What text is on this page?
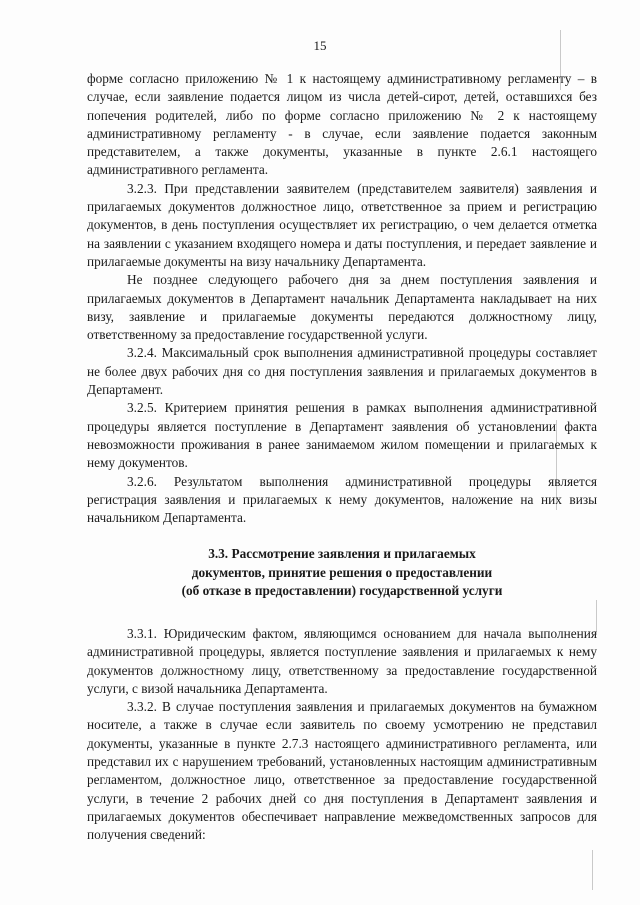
15

форме согласно приложению № 1 к настоящему административному регламенту – в случае, если заявление подается лицом из числа детей-сирот, детей, оставшихся без попечения родителей, либо по форме согласно приложению № 2 к настоящему административному регламенту - в случае, если заявление подается законным представителем, а также документы, указанные в пункте 2.6.1 настоящего административного регламента.

3.2.3. При представлении заявителем (представителем заявителя) заявления и прилагаемых документов должностное лицо, ответственное за прием и регистрацию документов, в день поступления осуществляет их регистрацию, о чем делается отметка на заявлении с указанием входящего номера и даты поступления, и передает заявление и прилагаемые документы на визу начальнику Департамента.

Не позднее следующего рабочего дня за днем поступления заявления и прилагаемых документов в Департамент начальник Департамента накладывает на них визу, заявление и прилагаемые документы передаются должностному лицу, ответственному за предоставление государственной услуги.

3.2.4. Максимальный срок выполнения административной процедуры составляет не более двух рабочих дня со дня поступления заявления и прилагаемых документов в Департамент.

3.2.5. Критерием принятия решения в рамках выполнения административной процедуры является поступление в Департамент заявления об установлении факта невозможности проживания в ранее занимаемом жилом помещении и прилагаемых к нему документов.

3.2.6. Результатом выполнения административной процедуры является регистрация заявления и прилагаемых к нему документов, наложение на них визы начальником Департамента.

3.3. Рассмотрение заявления и прилагаемых
документов, принятие решения о предоставлении
(об отказе в предоставлении) государственной услуги

3.3.1. Юридическим фактом, являющимся основанием для начала выполнения административной процедуры, является поступление заявления и прилагаемых к нему документов должностному лицу, ответственному за предоставление государственной услуги, с визой начальника Департамента.

3.3.2. В случае поступления заявления и прилагаемых документов на бумажном носителе, а также в случае если заявитель по своему усмотрению не представил документы, указанные в пункте 2.7.3 настоящего административного регламента, или представил их с нарушением требований, установленных настоящим административным регламентом, должностное лицо, ответственное за предоставление государственной услуги, в течение 2 рабочих дней со дня поступления в Департамент заявления и прилагаемых документов обеспечивает направление межведомственных запросов для получения сведений:
